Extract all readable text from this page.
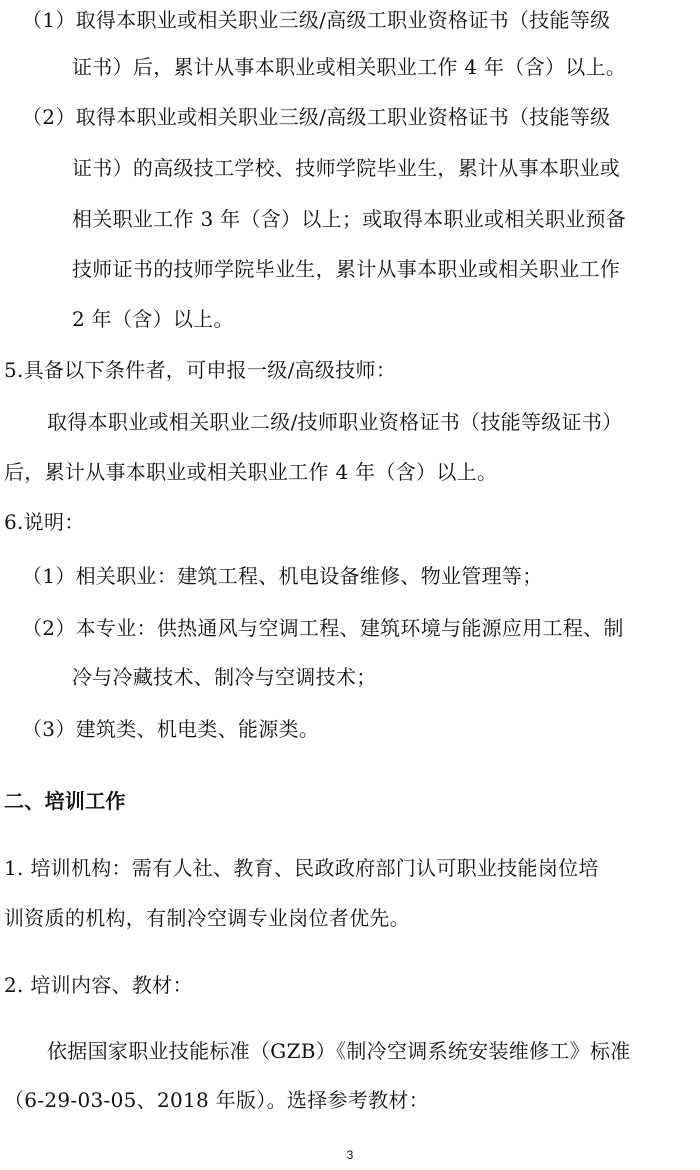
（1）取得本职业或相关职业三级/高级工职业资格证书（技能等级
证书）后，累计从事本职业或相关职业工作 4 年（含）以上。
（2）取得本职业或相关职业三级/高级工职业资格证书（技能等级
证书）的高级技工学校、技师学院毕业生，累计从事本职业或
相关职业工作 3 年（含）以上；或取得本职业或相关职业预备
技师证书的技师学院毕业生，累计从事本职业或相关职业工作
2 年（含）以上。
5.具备以下条件者，可申报一级/高级技师：
取得本职业或相关职业二级/技师职业资格证书（技能等级证书）
后，累计从事本职业或相关职业工作 4 年（含）以上。
6.说明：
（1）相关职业：建筑工程、机电设备维修、物业管理等；
（2）本专业：供热通风与空调工程、建筑环境与能源应用工程、制
冷与冷藏技术、制冷与空调技术；
（3）建筑类、机电类、能源类。
二、培训工作
1. 培训机构：需有人社、教育、民政政府部门认可职业技能岗位培
训资质的机构，有制冷空调专业岗位者优先。
2. 培训内容、教材：
依据国家职业技能标准（GZB）《制冷空调系统安装维修工》标准
（6-29-03-05、2018 年版）。选择参考教材：
3
